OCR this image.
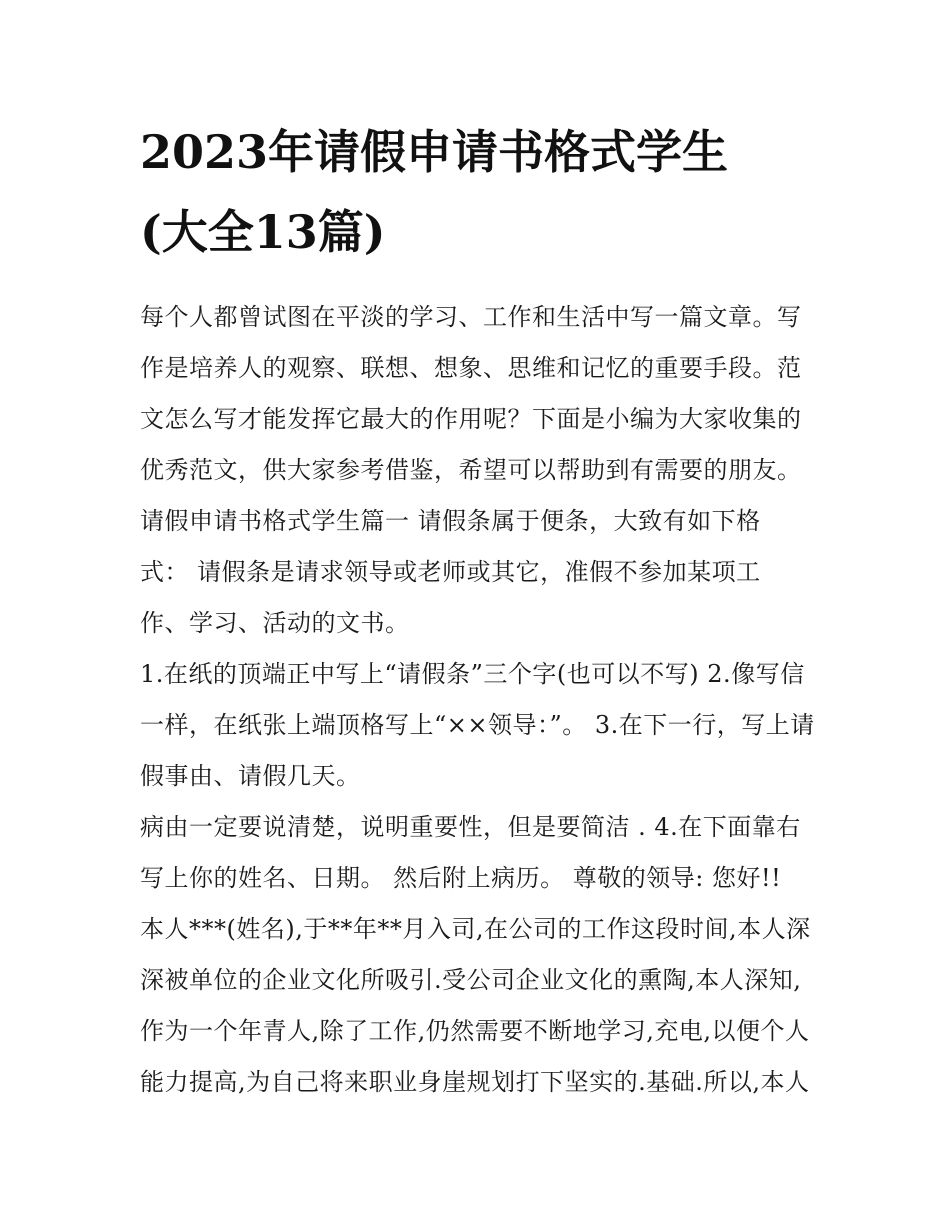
2023年请假申请书格式学生
(大全13篇)

每个人都曾试图在平淡的学习、工作和生活中写一篇文章。写
作是培养人的观察、联想、想象、思维和记忆的重要手段。范
文怎么写才能发挥它最大的作用呢？下面是小编为大家收集的
优秀范文，供大家参考借鉴，希望可以帮助到有需要的朋友。
请假申请书格式学生篇一 请假条属于便条，大致有如下格
式： 请假条是请求领导或老师或其它，准假不参加某项工
作、学习、活动的文书。

1.在纸的顶端正中写上“请假条”三个字(也可以不写) 2.像写信
一样，在纸张上端顶格写上“××领导：”。 3.在下一行，写上请
假事由、请假几天。

病由一定要说清楚，说明重要性，但是要简洁 . 4.在下面靠右
写上你的姓名、日期。 然后附上病历。 尊敬的领导: 您好!!
本人***(姓名),于**年**月入司,在公司的工作这段时间,本人深
深被单位的企业文化所吸引.受公司企业文化的熏陶,本人深知,
作为一个年青人,除了工作,仍然需要不断地学习,充电,以便个人
能力提高,为自己将来职业身崖规划打下坚实的.基础.所以,本人
